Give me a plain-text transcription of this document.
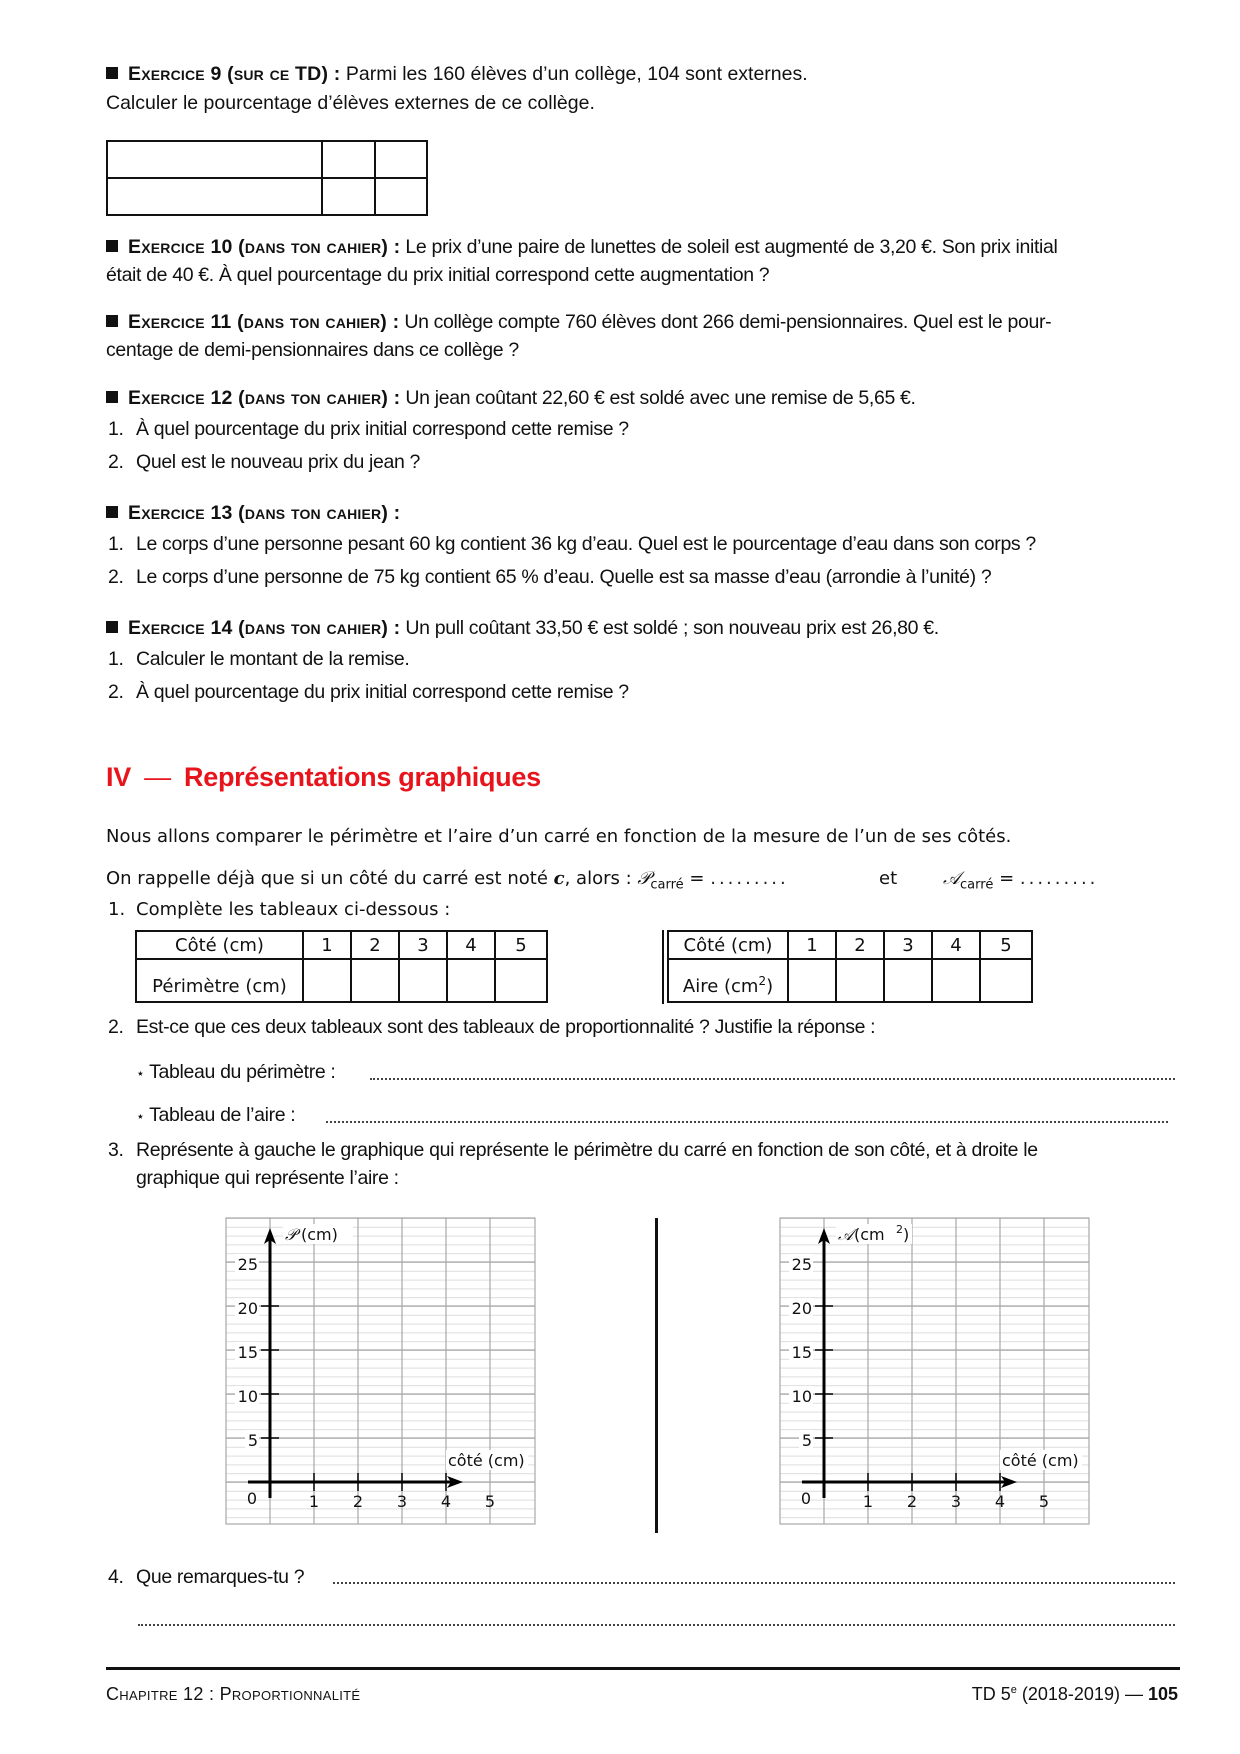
Exercice 9 (sur ce TD) : Parmi les 160 élèves d’un collège, 104 sont externes.
Calculer le pourcentage d’élèves externes de ce collège.

Exercice 10 (dans ton cahier) : Le prix d’une paire de lunettes de soleil est augmenté de 3,20 €. Son prix initial
était de 40 €. À quel pourcentage du prix initial correspond cette augmentation ?
Exercice 11 (dans ton cahier) : Un collège compte 760 élèves dont 266 demi-pensionnaires. Quel est le pour-
centage de demi-pensionnaires dans ce collège ?
Exercice 12 (dans ton cahier) : Un jean coûtant 22,60 € est soldé avec une remise de 5,65 €.
1. À quel pourcentage du prix initial correspond cette remise ?
2. Quel est le nouveau prix du jean ?
Exercice 13 (dans ton cahier) :
1. Le corps d’une personne pesant 60 kg contient 36 kg d’eau. Quel est le pourcentage d’eau dans son corps ?
2. Le corps d’une personne de 75 kg contient 65 % d’eau. Quelle est sa masse d’eau (arrondie à l’unité) ?
Exercice 14 (dans ton cahier) : Un pull coûtant 33,50 € est soldé ; son nouveau prix est 26,80 €.
1. Calculer le montant de la remise.
2. À quel pourcentage du prix initial correspond cette remise ?
IV — Représentations graphiques
Nous allons comparer le périmètre et l’aire d’un carré en fonction de la mesure de l’un de ses côtés.
On rappelle déjà que si un côté du carré est noté c, alors : 𝒫$_{carré}$ = .........	et	𝒜$_{carré}$ = .........
1. Complète les tableaux ci-dessous :
Côté (cm)	1	2	3	4	5
Périmètre (cm)					
Côté (cm)	1	2	3	4	5
Aire $(cm^2)$					
2. Est-ce que ces deux tableaux sont des tableaux de proportionnalité ? Justifie la réponse :
⋆ Tableau du périmètre :
⋆ Tableau de l’aire :
3. Représente à gauche le graphique qui représente le périmètre du carré en fonction de son côté, et à droite le
graphique qui représente l’aire :
25
20
15
10
5
0	1 2 3 4 5
côté (cm)
𝒫 (cm)
25
20
15
10
5
0	1 2 3 4 5
côté (cm)
𝒜 (cm 2 )
4. Que remarques-tu ?
Chapitre 12 : Proportionnalité	TD 5e (2018-2019) — 105
